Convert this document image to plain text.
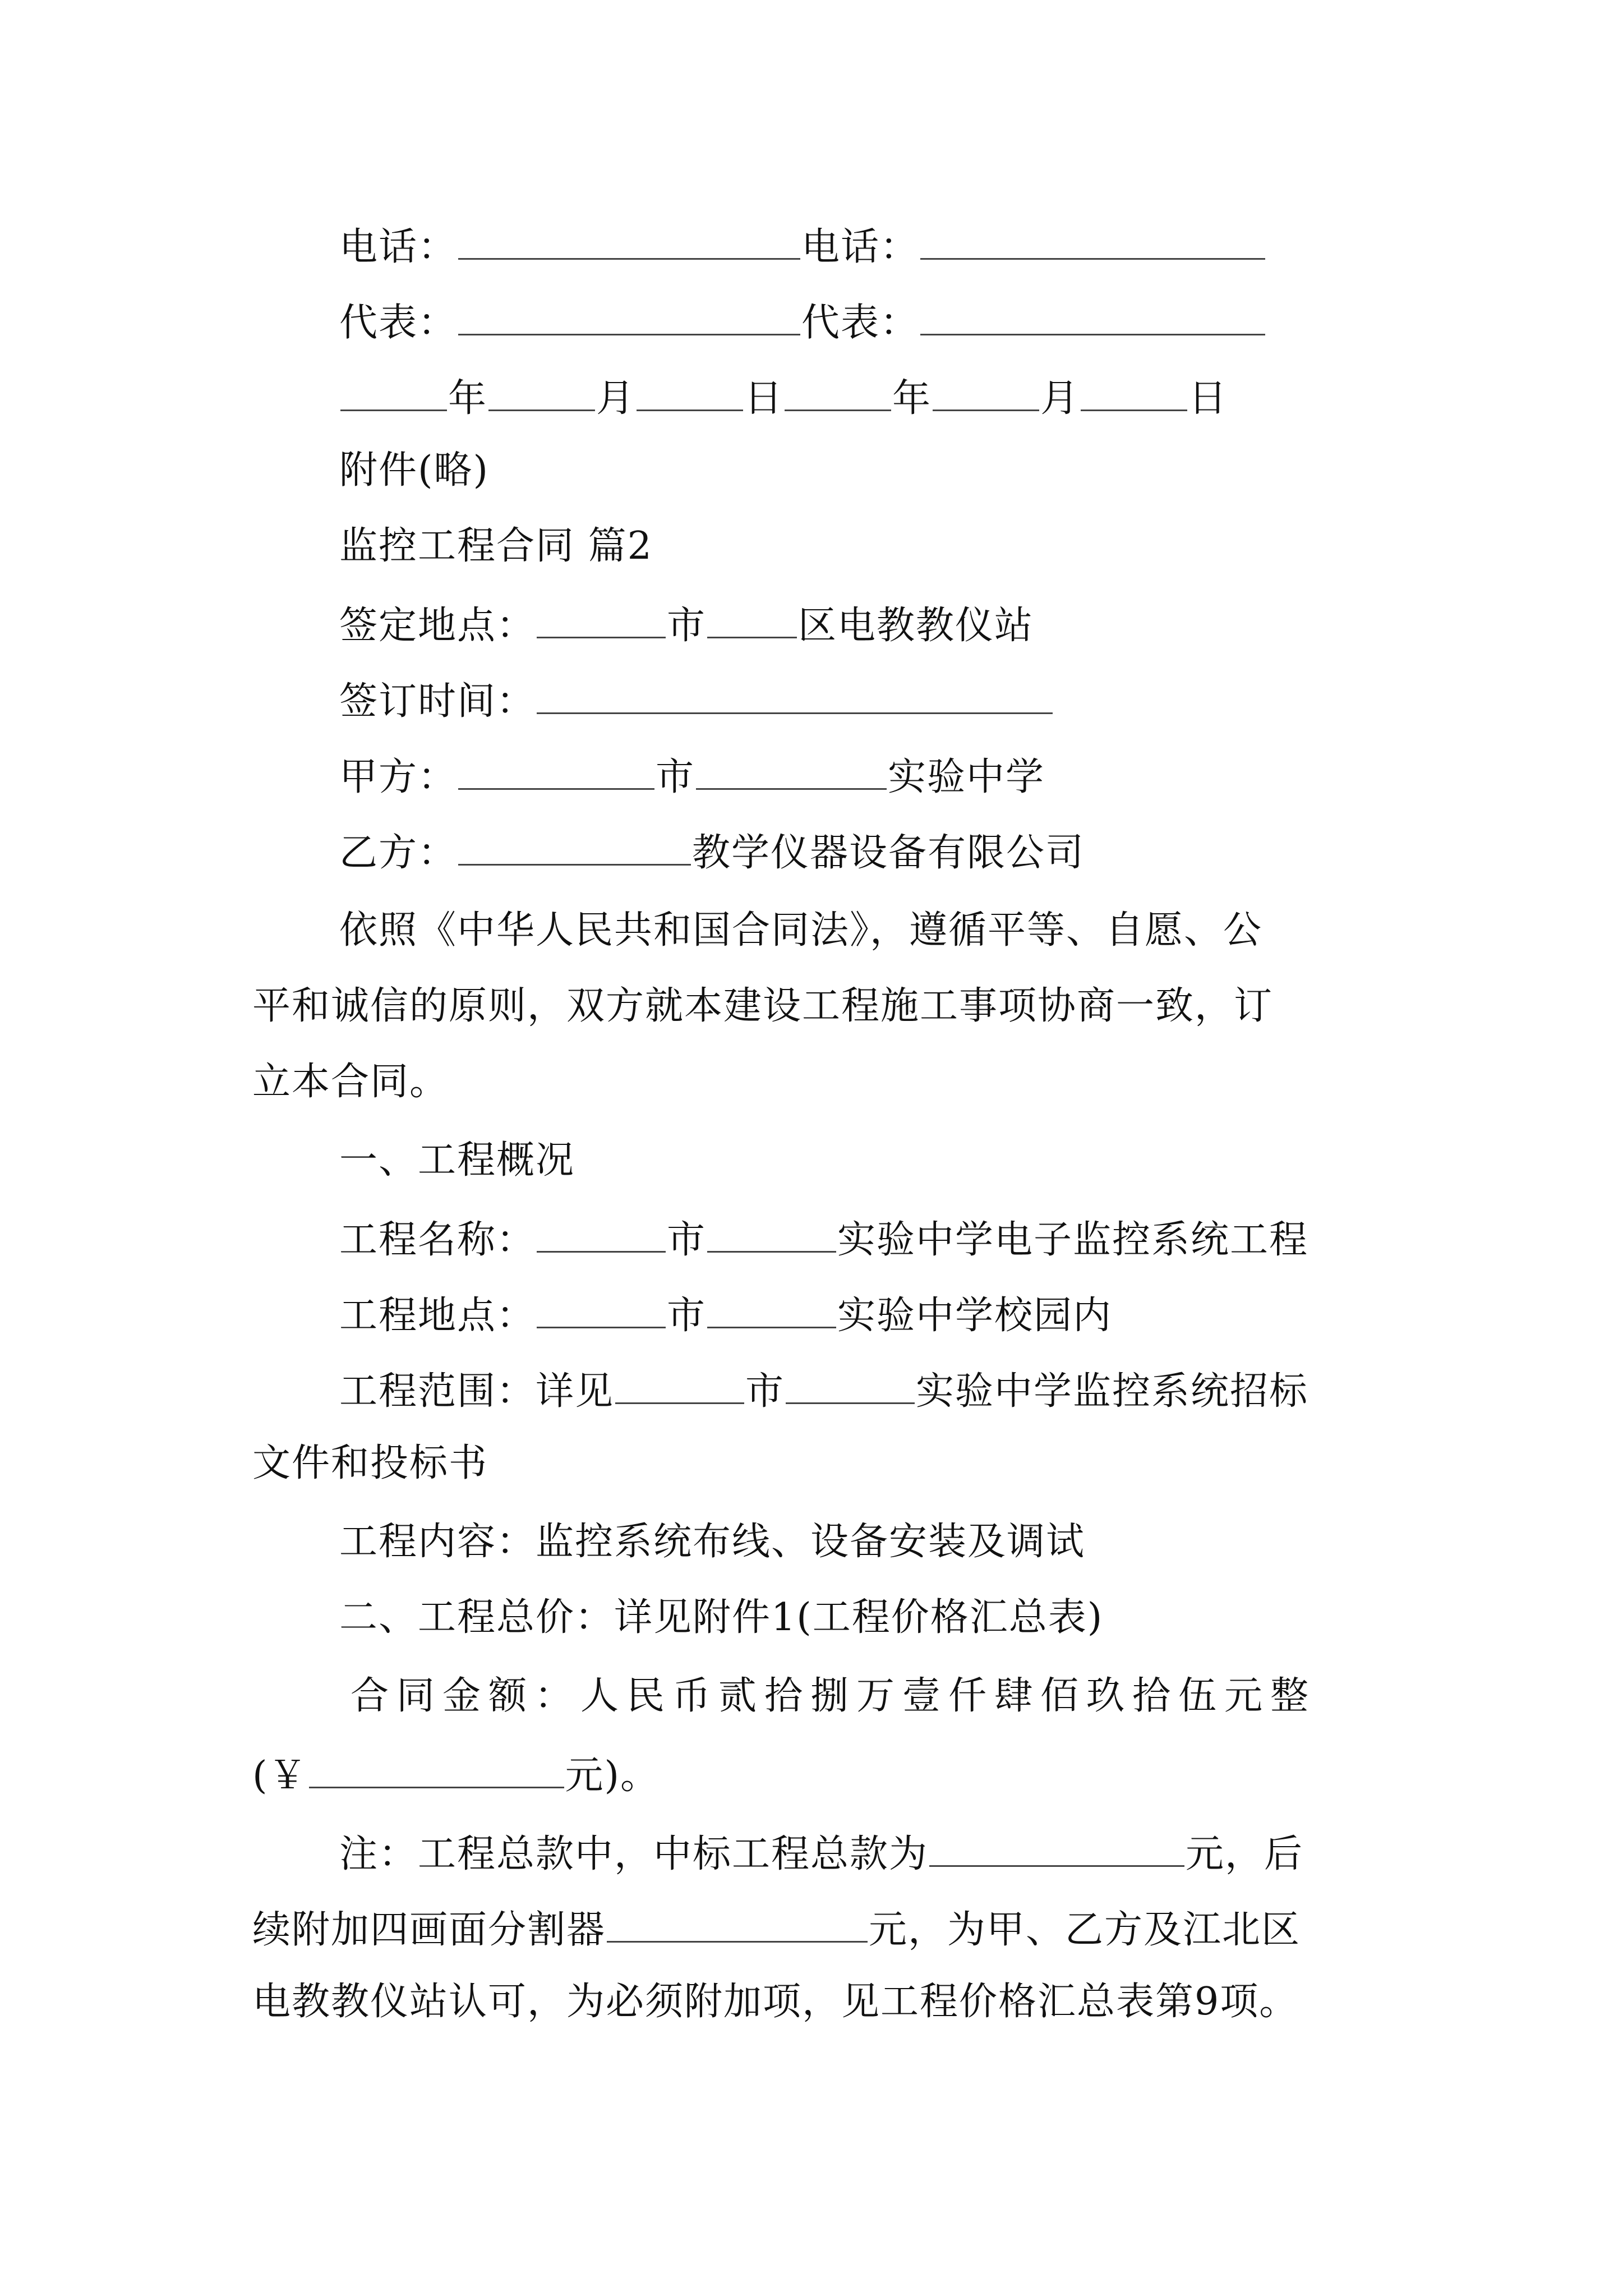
电话：	电话：
代表：	代表：
年	月	日	年	月	日
附件(略)
监控工程合同 篇2
签定地点：	市 区电教教仪站
签订时间：
甲方：	市	实验中学
乙方：	教学仪器设备有限公司
依照《中华人民共和国合同法》，遵循平等、自愿、公
平和诚信的原则，双方就本建设工程施工事项协商一致，订
立本合同。
一、工程概况
工程名称：	市	实验中学电子监控系统工程
工程地点：	市	实验中学校园内
工程范围：详见	市	实验中学监控系统招标
文件和投标书
工程内容：监控系统布线、设备安装及调试
二、工程总价：详见附件1(工程价格汇总表)
合同金额：人民币贰拾捌万壹仟肆佰玖拾伍元整
(￥	元)。
注：工程总款中，中标工程总款为	元，后
续附加四画面分割器	元，为甲、乙方及江北区
电教教仪站认可，为必须附加项，见工程价格汇总表第9项。
